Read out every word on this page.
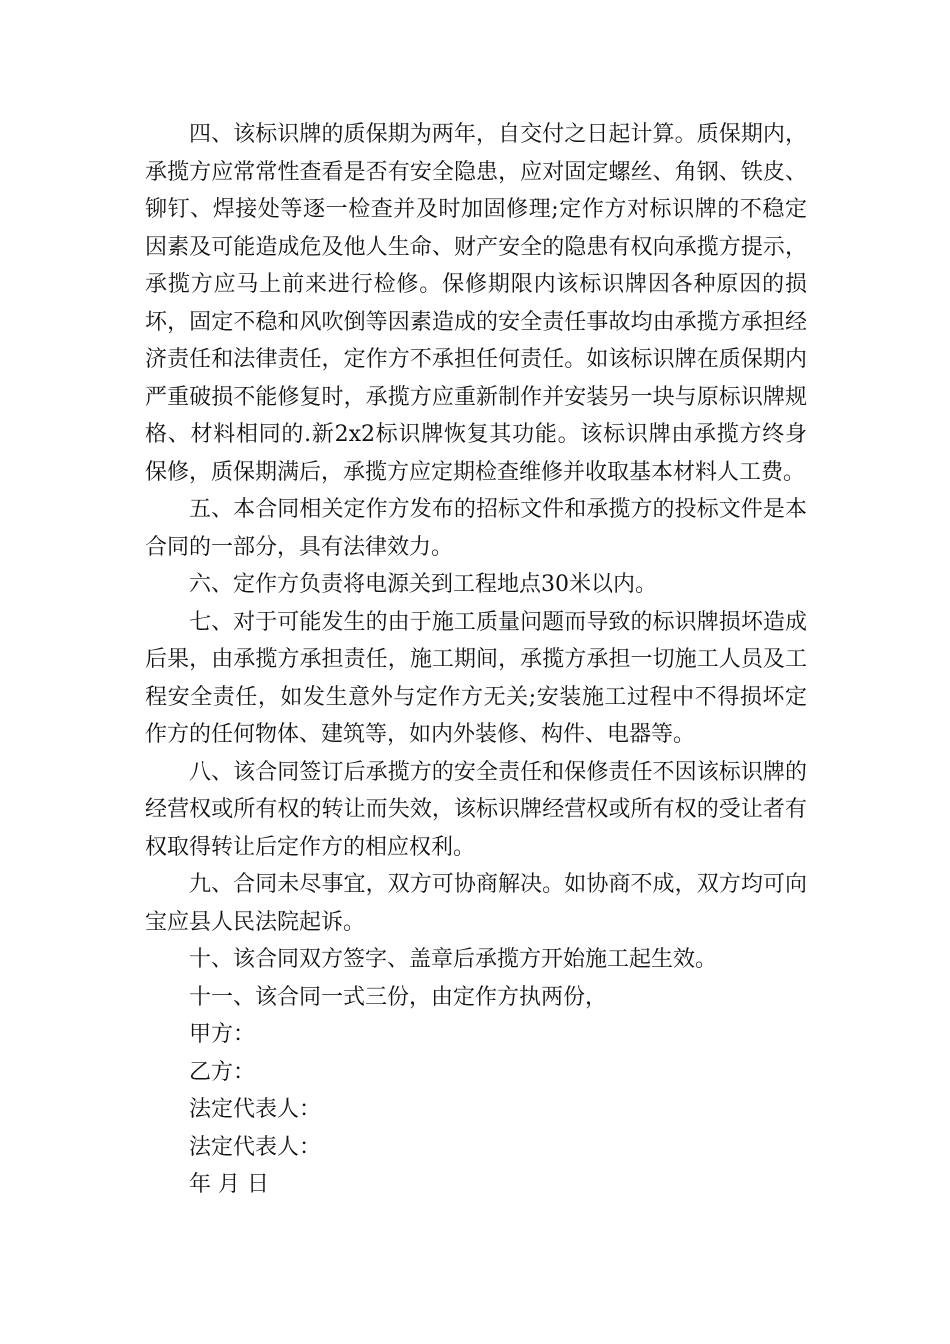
四、该标识牌的质保期为两年，自交付之日起计算。质保期内，承揽方应常常性查看是否有安全隐患，应对固定螺丝、角钢、铁皮、铆钉、焊接处等逐一检查并及时加固修理;定作方对标识牌的不稳定因素及可能造成危及他人生命、财产安全的隐患有权向承揽方提示，承揽方应马上前来进行检修。保修期限内该标识牌因各种原因的损坏，固定不稳和风吹倒等因素造成的安全责任事故均由承揽方承担经济责任和法律责任，定作方不承担任何责任。如该标识牌在质保期内严重破损不能修复时，承揽方应重新制作并安装另一块与原标识牌规格、材料相同的.新2x2标识牌恢复其功能。该标识牌由承揽方终身保修，质保期满后，承揽方应定期检查维修并收取基本材料人工费。

五、本合同相关定作方发布的招标文件和承揽方的投标文件是本合同的一部分，具有法律效力。

六、定作方负责将电源关到工程地点30米以内。

七、对于可能发生的由于施工质量问题而导致的标识牌损坏造成后果，由承揽方承担责任，施工期间，承揽方承担一切施工人员及工程安全责任，如发生意外与定作方无关;安装施工过程中不得损坏定作方的任何物体、建筑等，如内外装修、构件、电器等。

八、该合同签订后承揽方的安全责任和保修责任不因该标识牌的经营权或所有权的转让而失效，该标识牌经营权或所有权的受让者有权取得转让后定作方的相应权利。

九、合同未尽事宜，双方可协商解决。如协商不成，双方均可向宝应县人民法院起诉。

十、该合同双方签字、盖章后承揽方开始施工起生效。

十一、该合同一式三份，由定作方执两份，

甲方：

乙方：

法定代表人：

法定代表人：

年 月 日
